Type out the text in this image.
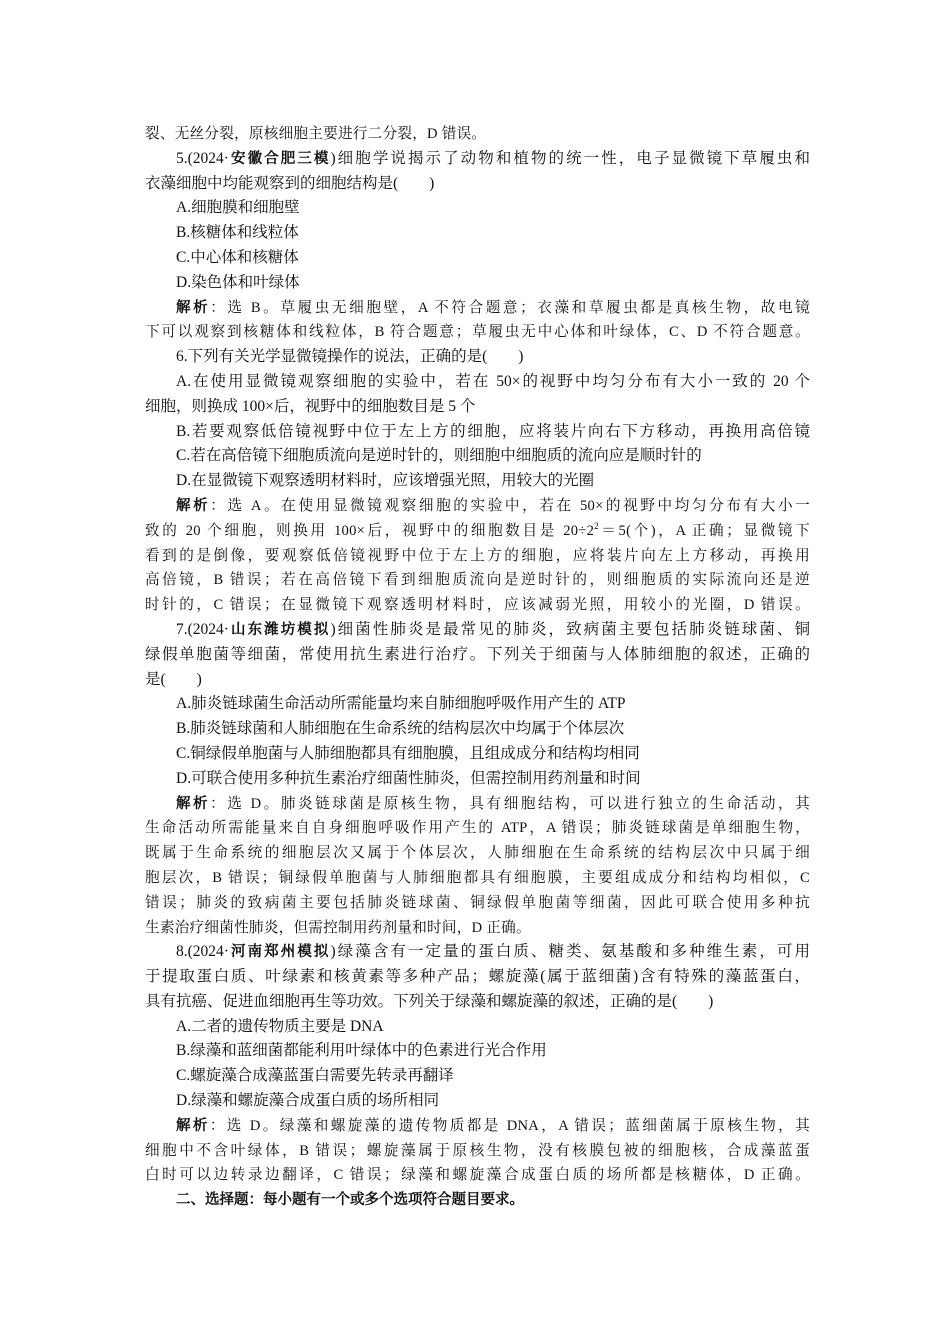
裂、无丝分裂，原核细胞主要进行二分裂，D 错误。
5.(2024·安徽合肥三模)细胞学说揭示了动物和植物的统一性，电子显微镜下草履虫和
衣藻细胞中均能观察到的细胞结构是(　　)
A.细胞膜和细胞壁
B.核糖体和线粒体
C.中心体和核糖体
D.染色体和叶绿体
解析：选 B。草履虫无细胞壁，A 不符合题意；衣藻和草履虫都是真核生物，故电镜
下可以观察到核糖体和线粒体，B 符合题意；草履虫无中心体和叶绿体，C、D 不符合题意。
6.下列有关光学显微镜操作的说法，正确的是(　　)
A.在使用显微镜观察细胞的实验中，若在 50×的视野中均匀分布有大小一致的 20 个
细胞，则换成 100×后，视野中的细胞数目是 5 个
B.若要观察低倍镜视野中位于左上方的细胞，应将装片向右下方移动，再换用高倍镜
C.若在高倍镜下细胞质流向是逆时针的，则细胞中细胞质的流向应是顺时针的
D.在显微镜下观察透明材料时，应该增强光照，用较大的光圈
解析：选 A。在使用显微镜观察细胞的实验中，若在 50×的视野中均匀分布有大小一
致的 20 个细胞，则换用 100×后，视野中的细胞数目是 $20\div 2^2=5$(个)，A 正确；显微镜下
看到的是倒像，要观察低倍镜视野中位于左上方的细胞，应将装片向左上方移动，再换用
高倍镜，B 错误；若在高倍镜下看到细胞质流向是逆时针的，则细胞质的实际流向还是逆
时针的，C 错误；在显微镜下观察透明材料时，应该减弱光照，用较小的光圈，D 错误。
7.(2024·山东潍坊模拟)细菌性肺炎是最常见的肺炎，致病菌主要包括肺炎链球菌、铜
绿假单胞菌等细菌，常使用抗生素进行治疗。下列关于细菌与人体肺细胞的叙述，正确的
是(　　)
A.肺炎链球菌生命活动所需能量均来自肺细胞呼吸作用产生的 ATP
B.肺炎链球菌和人肺细胞在生命系统的结构层次中均属于个体层次
C.铜绿假单胞菌与人肺细胞都具有细胞膜，且组成成分和结构均相同
D.可联合使用多种抗生素治疗细菌性肺炎，但需控制用药剂量和时间
解析：选 D。肺炎链球菌是原核生物，具有细胞结构，可以进行独立的生命活动，其
生命活动所需能量来自自身细胞呼吸作用产生的 ATP，A 错误；肺炎链球菌是单细胞生物，
既属于生命系统的细胞层次又属于个体层次，人肺细胞在生命系统的结构层次中只属于细
胞层次，B 错误；铜绿假单胞菌与人肺细胞都具有细胞膜，主要组成成分和结构均相似，C
错误；肺炎的致病菌主要包括肺炎链球菌、铜绿假单胞菌等细菌，因此可联合使用多种抗
生素治疗细菌性肺炎，但需控制用药剂量和时间，D 正确。
8.(2024·河南郑州模拟)绿藻含有一定量的蛋白质、糖类、氨基酸和多种维生素，可用
于提取蛋白质、叶绿素和核黄素等多种产品；螺旋藻(属于蓝细菌)含有特殊的藻蓝蛋白，
具有抗癌、促进血细胞再生等功效。下列关于绿藻和螺旋藻的叙述，正确的是(　　)
A.二者的遗传物质主要是 DNA
B.绿藻和蓝细菌都能利用叶绿体中的色素进行光合作用
C.螺旋藻合成藻蓝蛋白需要先转录再翻译
D.绿藻和螺旋藻合成蛋白质的场所相同
解析：选 D。绿藻和螺旋藻的遗传物质都是 DNA，A 错误；蓝细菌属于原核生物，其
细胞中不含叶绿体，B 错误；螺旋藻属于原核生物，没有核膜包被的细胞核，合成藻蓝蛋
白时可以边转录边翻译，C 错误；绿藻和螺旋藻合成蛋白质的场所都是核糖体，D 正确。
二、选择题：每小题有一个或多个选项符合题目要求。
